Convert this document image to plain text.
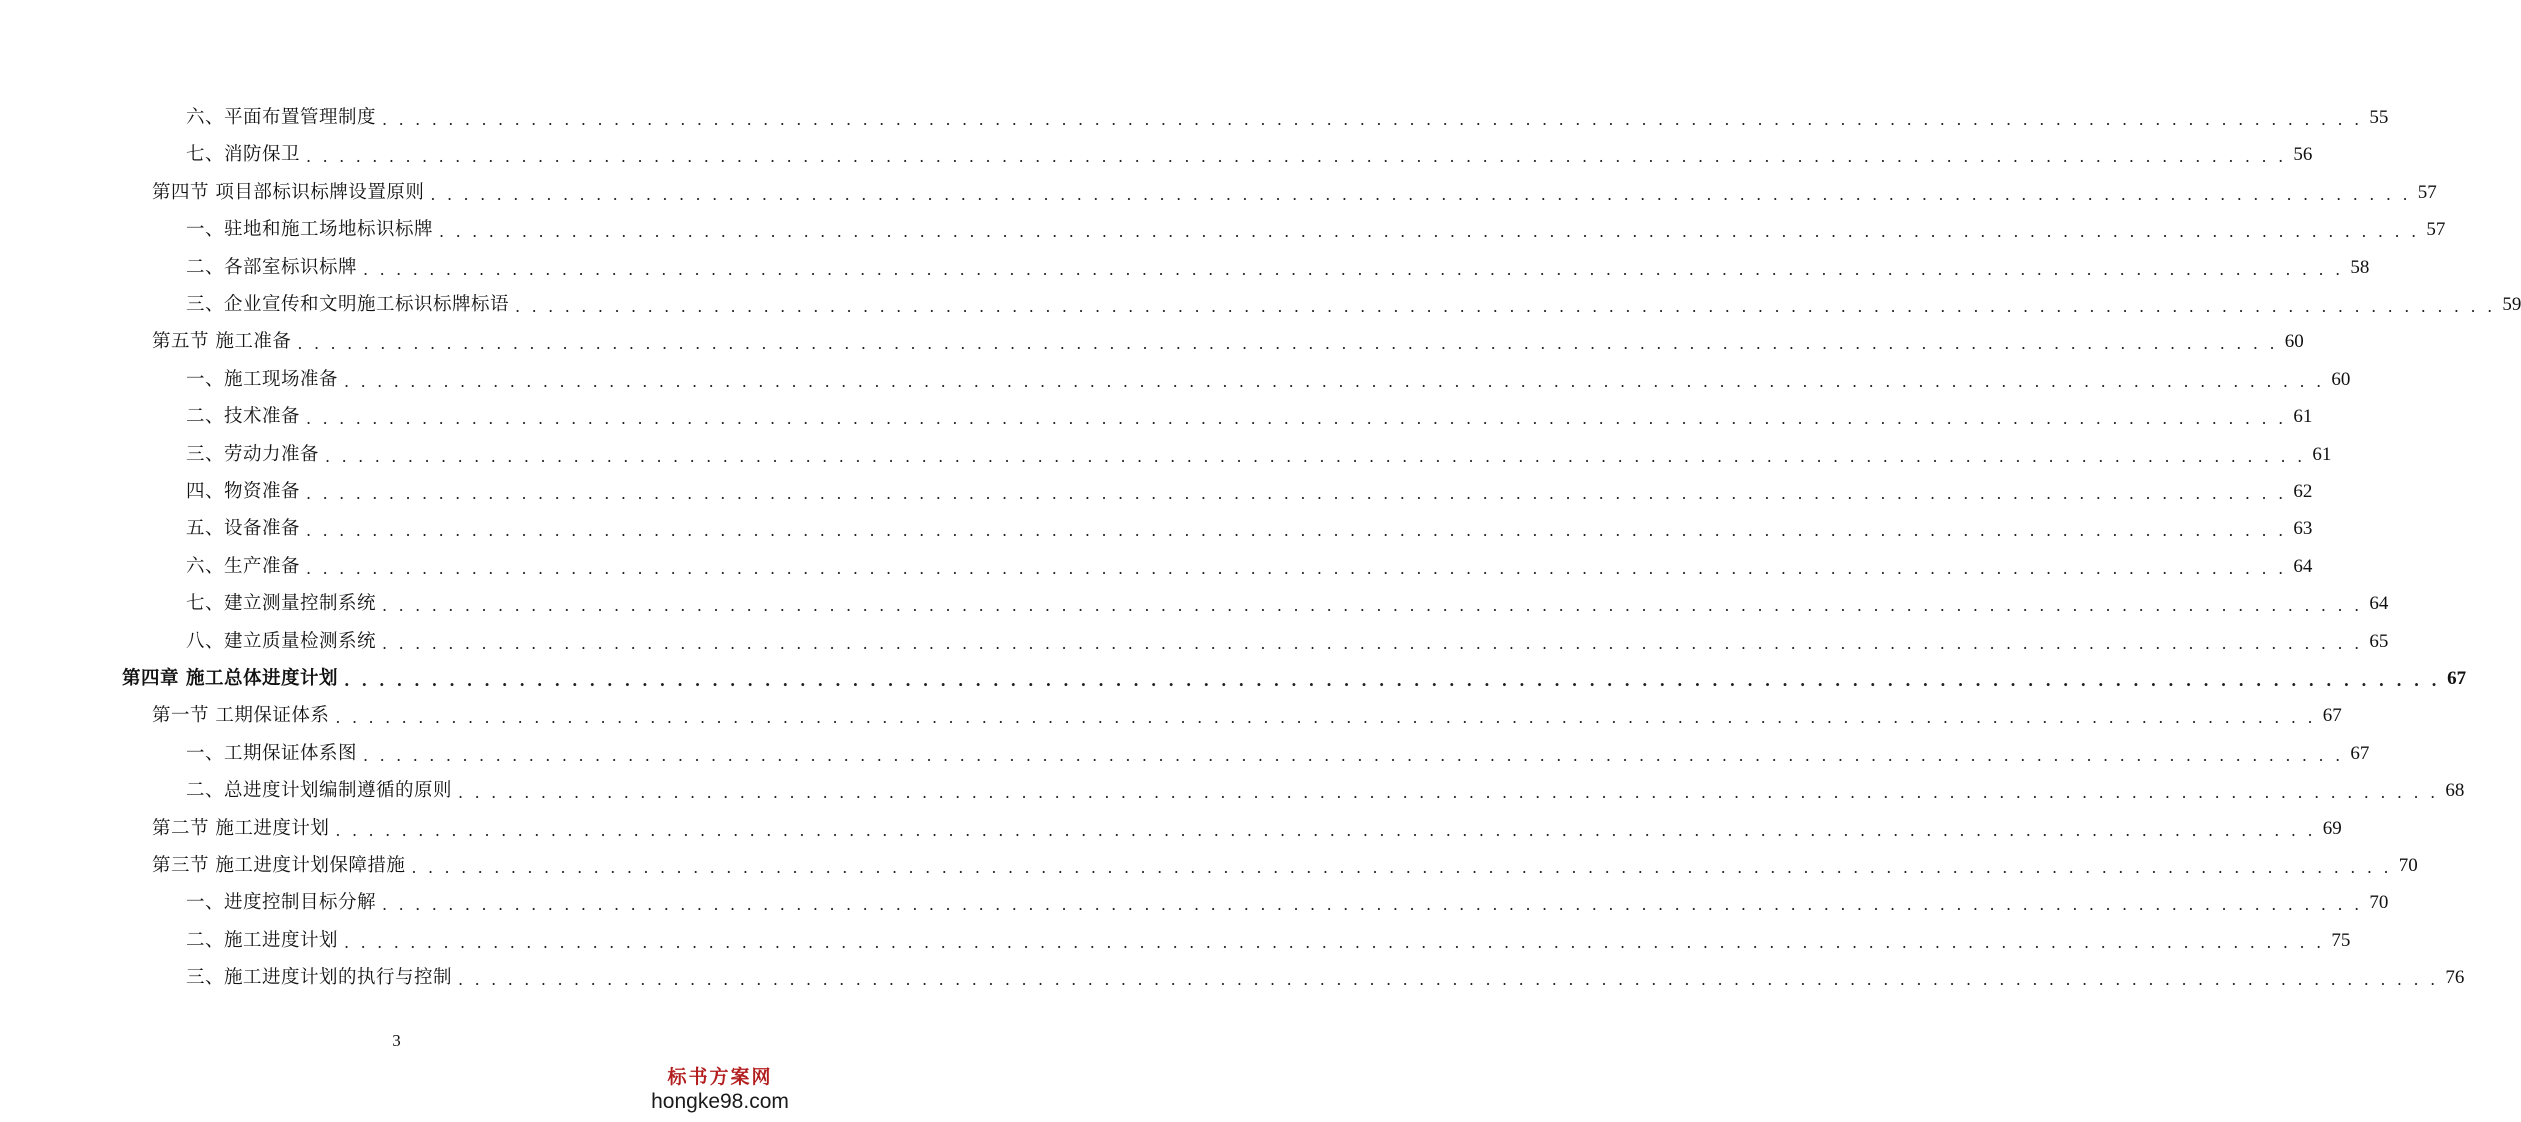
六、平面布置管理制度 . . . . . . . . . . . . . . . . . . . . . . . . . . . . . . . . . . . . . . . . . . . . . . . . . . . . . . . . . . . . . . . . . . . . . . . . . . . . . . . . . . . . . . . . . . . . . . . . . . . . . . . . . . . . . . . . . . . . . . . . 55
七、消防保卫 . . . . . . . . . . . . . . . . . . . . . . . . . . . . . . . . . . . . . . . . . . . . . . . . . . . . . . . . . . . . . . . . . . . . . . . . . . . . . . . . . . . . . . . . . . . . . . . . . . . . . . . . . . . . . . . . . . . . . . . . 56
第四节 项目部标识标牌设置原则 . . . . . . . . . . . . . . . . . . . . . . . . . . . . . . . . . . . . . . . . . . . . . . . . . . . . . . . . . . . . . . . . . . . . . . . . . . . . . . . . . . . . . . . . . . . . . . . . . . . . . . . . . . . . . . . . . . . . . . . . 57
一、驻地和施工场地标识标牌 . . . . . . . . . . . . . . . . . . . . . . . . . . . . . . . . . . . . . . . . . . . . . . . . . . . . . . . . . . . . . . . . . . . . . . . . . . . . . . . . . . . . . . . . . . . . . . . . . . . . . . . . . . . . . . . . . . . . . . . . 57
二、各部室标识标牌 . . . . . . . . . . . . . . . . . . . . . . . . . . . . . . . . . . . . . . . . . . . . . . . . . . . . . . . . . . . . . . . . . . . . . . . . . . . . . . . . . . . . . . . . . . . . . . . . . . . . . . . . . . . . . . . . . . . . . . . . 58
三、企业宣传和文明施工标识标牌标语 . . . . . . . . . . . . . . . . . . . . . . . . . . . . . . . . . . . . . . . . . . . . . . . . . . . . . . . . . . . . . . . . . . . . . . . . . . . . . . . . . . . . . . . . . . . . . . . . . . . . . . . . . . . . . . . . . . . . . . . . 59
第五节 施工准备 . . . . . . . . . . . . . . . . . . . . . . . . . . . . . . . . . . . . . . . . . . . . . . . . . . . . . . . . . . . . . . . . . . . . . . . . . . . . . . . . . . . . . . . . . . . . . . . . . . . . . . . . . . . . . . . . . . . . . . . . 60
一、施工现场准备 . . . . . . . . . . . . . . . . . . . . . . . . . . . . . . . . . . . . . . . . . . . . . . . . . . . . . . . . . . . . . . . . . . . . . . . . . . . . . . . . . . . . . . . . . . . . . . . . . . . . . . . . . . . . . . . . . . . . . . . . 60
二、技术准备 . . . . . . . . . . . . . . . . . . . . . . . . . . . . . . . . . . . . . . . . . . . . . . . . . . . . . . . . . . . . . . . . . . . . . . . . . . . . . . . . . . . . . . . . . . . . . . . . . . . . . . . . . . . . . . . . . . . . . . . . 61
三、劳动力准备 . . . . . . . . . . . . . . . . . . . . . . . . . . . . . . . . . . . . . . . . . . . . . . . . . . . . . . . . . . . . . . . . . . . . . . . . . . . . . . . . . . . . . . . . . . . . . . . . . . . . . . . . . . . . . . . . . . . . . . . . 61
四、物资准备 . . . . . . . . . . . . . . . . . . . . . . . . . . . . . . . . . . . . . . . . . . . . . . . . . . . . . . . . . . . . . . . . . . . . . . . . . . . . . . . . . . . . . . . . . . . . . . . . . . . . . . . . . . . . . . . . . . . . . . . . 62
五、设备准备 . . . . . . . . . . . . . . . . . . . . . . . . . . . . . . . . . . . . . . . . . . . . . . . . . . . . . . . . . . . . . . . . . . . . . . . . . . . . . . . . . . . . . . . . . . . . . . . . . . . . . . . . . . . . . . . . . . . . . . . . 63
六、生产准备 . . . . . . . . . . . . . . . . . . . . . . . . . . . . . . . . . . . . . . . . . . . . . . . . . . . . . . . . . . . . . . . . . . . . . . . . . . . . . . . . . . . . . . . . . . . . . . . . . . . . . . . . . . . . . . . . . . . . . . . . 64
七、建立测量控制系统 . . . . . . . . . . . . . . . . . . . . . . . . . . . . . . . . . . . . . . . . . . . . . . . . . . . . . . . . . . . . . . . . . . . . . . . . . . . . . . . . . . . . . . . . . . . . . . . . . . . . . . . . . . . . . . . . . . . . . . . . 64
八、建立质量检测系统 . . . . . . . . . . . . . . . . . . . . . . . . . . . . . . . . . . . . . . . . . . . . . . . . . . . . . . . . . . . . . . . . . . . . . . . . . . . . . . . . . . . . . . . . . . . . . . . . . . . . . . . . . . . . . . . . . . . . . . . . 65
第四章 施工总体进度计划 . . . . . . . . . . . . . . . . . . . . . . . . . . . . . . . . . . . . . . . . . . . . . . . . . . . . . . . . . . . . . . . . . . . . . . . . . . . . . . . . . . . . . . . . . . . . . . . . . . . . . . . . . . . . . . . . . . . . . . . . 67
第一节 工期保证体系 . . . . . . . . . . . . . . . . . . . . . . . . . . . . . . . . . . . . . . . . . . . . . . . . . . . . . . . . . . . . . . . . . . . . . . . . . . . . . . . . . . . . . . . . . . . . . . . . . . . . . . . . . . . . . . . . . . . . . . . . 67
一、工期保证体系图 . . . . . . . . . . . . . . . . . . . . . . . . . . . . . . . . . . . . . . . . . . . . . . . . . . . . . . . . . . . . . . . . . . . . . . . . . . . . . . . . . . . . . . . . . . . . . . . . . . . . . . . . . . . . . . . . . . . . . . . . 67
二、总进度计划编制遵循的原则 . . . . . . . . . . . . . . . . . . . . . . . . . . . . . . . . . . . . . . . . . . . . . . . . . . . . . . . . . . . . . . . . . . . . . . . . . . . . . . . . . . . . . . . . . . . . . . . . . . . . . . . . . . . . . . . . . . . . . . . . 68
第二节 施工进度计划 . . . . . . . . . . . . . . . . . . . . . . . . . . . . . . . . . . . . . . . . . . . . . . . . . . . . . . . . . . . . . . . . . . . . . . . . . . . . . . . . . . . . . . . . . . . . . . . . . . . . . . . . . . . . . . . . . . . . . . . . 69
第三节 施工进度计划保障措施 . . . . . . . . . . . . . . . . . . . . . . . . . . . . . . . . . . . . . . . . . . . . . . . . . . . . . . . . . . . . . . . . . . . . . . . . . . . . . . . . . . . . . . . . . . . . . . . . . . . . . . . . . . . . . . . . . . . . . . . . 70
一、进度控制目标分解 . . . . . . . . . . . . . . . . . . . . . . . . . . . . . . . . . . . . . . . . . . . . . . . . . . . . . . . . . . . . . . . . . . . . . . . . . . . . . . . . . . . . . . . . . . . . . . . . . . . . . . . . . . . . . . . . . . . . . . . . 70
二、施工进度计划 . . . . . . . . . . . . . . . . . . . . . . . . . . . . . . . . . . . . . . . . . . . . . . . . . . . . . . . . . . . . . . . . . . . . . . . . . . . . . . . . . . . . . . . . . . . . . . . . . . . . . . . . . . . . . . . . . . . . . . . . 75
三、施工进度计划的执行与控制 . . . . . . . . . . . . . . . . . . . . . . . . . . . . . . . . . . . . . . . . . . . . . . . . . . . . . . . . . . . . . . . . . . . . . . . . . . . . . . . . . . . . . . . . . . . . . . . . . . . . . . . . . . . . . . . . . . . . . . . . 76
3
标书方案网
hongke98.com
